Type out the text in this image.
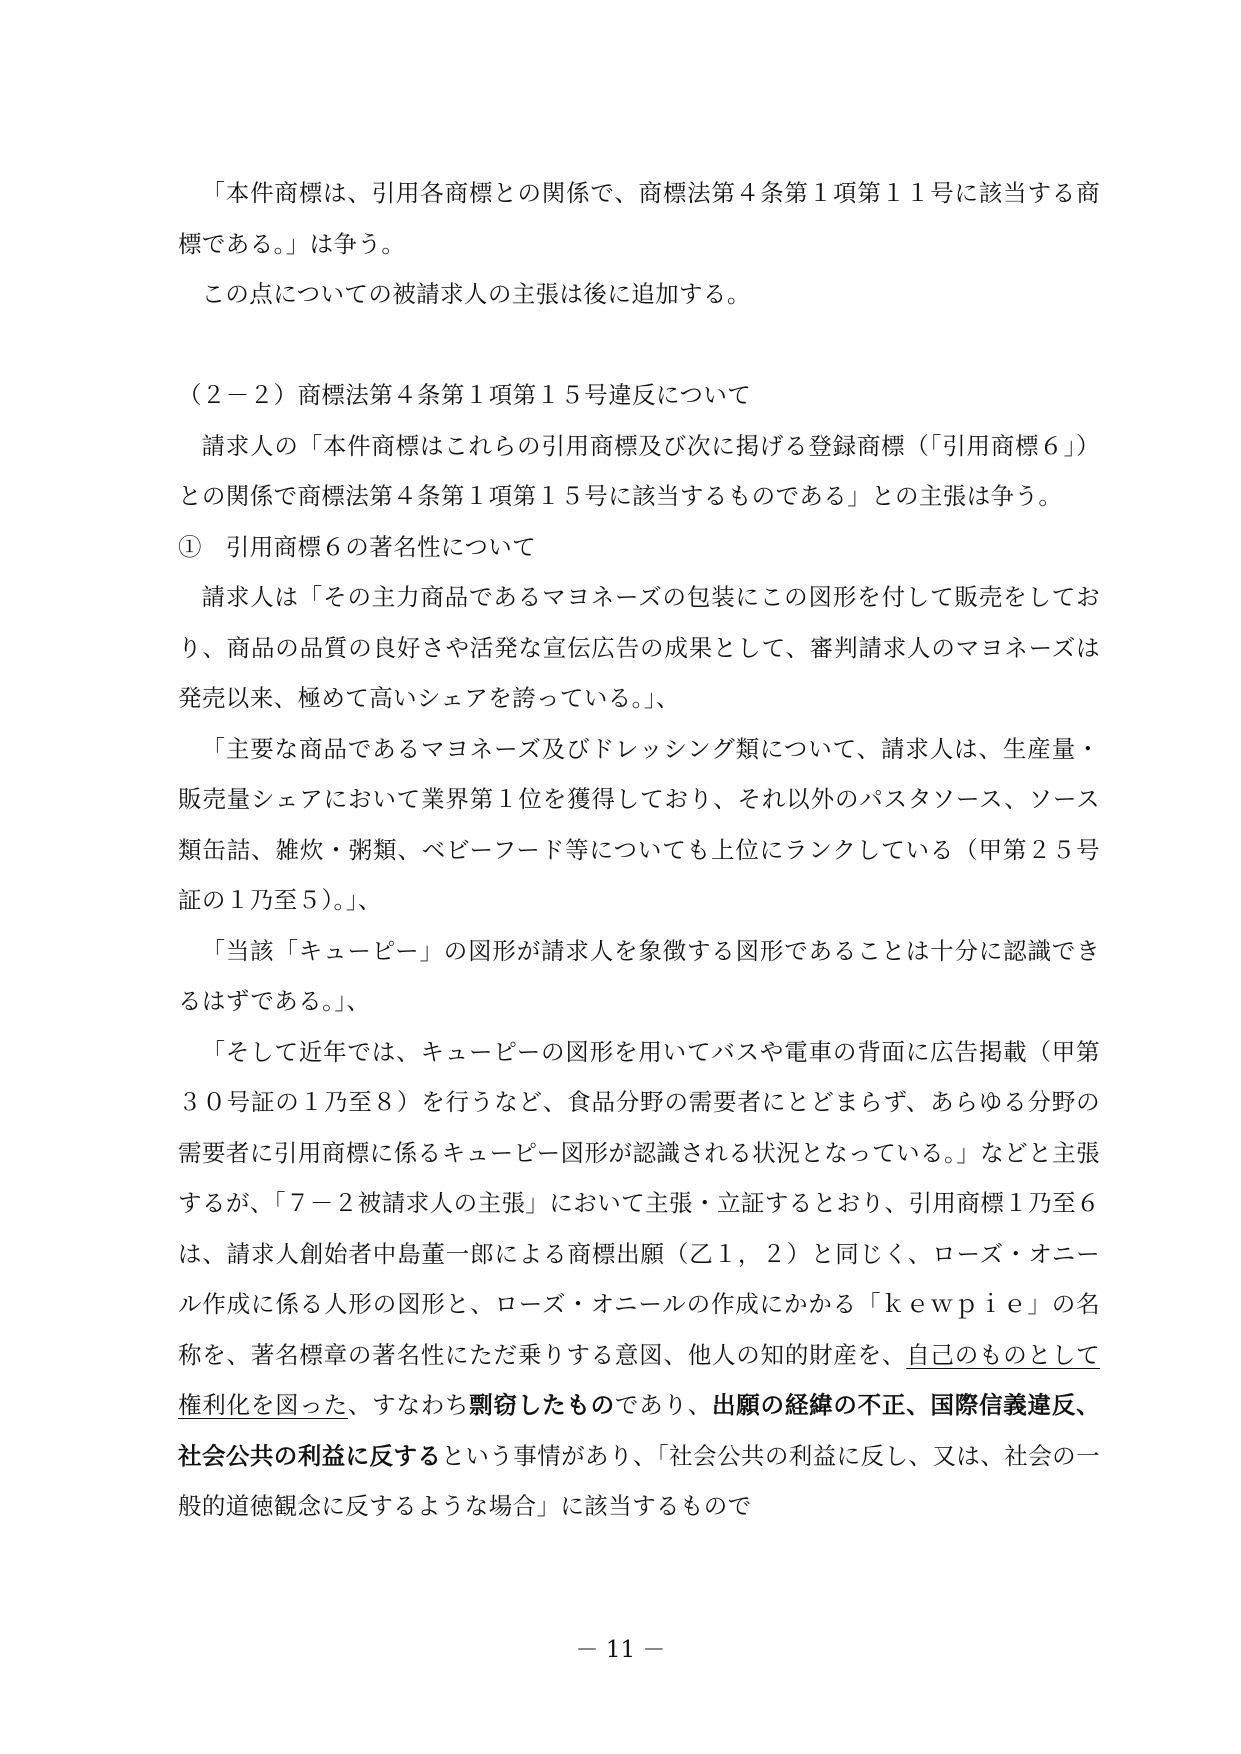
「本件商標は、引用各商標との関係で、商標法第４条第１項第１１号に該当する商標である。」は争う。

この点についての被請求人の主張は後に追加する。

（２－２）商標法第４条第１項第１５号違反について

請求人の「本件商標はこれらの引用商標及び次に掲げる登録商標（「引用商標６」）との関係で商標法第４条第１項第１５号に該当するものである」との主張は争う。

①　引用商標６の著名性について

請求人は「その主力商品であるマヨネーズの包装にこの図形を付して販売をしており、商品の品質の良好さや活発な宣伝広告の成果として、審判請求人のマヨネーズは発売以来、極めて高いシェアを誇っている。」、

「主要な商品であるマヨネーズ及びドレッシング類について、請求人は、生産量・販売量シェアにおいて業界第１位を獲得しており、それ以外のパスタソース、ソース類缶詰、雑炊・粥類、ベビーフード等についても上位にランクしている（甲第２５号証の１乃至５）。」、

「当該「キューピー」の図形が請求人を象徴する図形であることは十分に認識できるはずである。」、

「そして近年では、キューピーの図形を用いてバスや電車の背面に広告掲載（甲第３０号証の１乃至８）を行うなど、食品分野の需要者にとどまらず、あらゆる分野の需要者に引用商標に係るキューピー図形が認識される状況となっている。」などと主張するが、「７－２被請求人の主張」において主張・立証するとおり、引用商標１乃至６は、請求人創始者中島董一郎による商標出願（乙１，２）と同じく、ローズ・オニール作成に係る人形の図形と、ローズ・オニールの作成にかかる「ｋｅｗｐｉｅ」の名称を、著名標章の著名性にただ乗りする意図、他人の知的財産を、自己のものとして権利化を図った、すなわち剽窃したものであり、出願の経緯の不正、国際信義違反、社会公共の利益に反するという事情があり、「社会公共の利益に反し、又は、社会の一般的道徳観念に反するような場合」に該当するもので

－ 11 －
